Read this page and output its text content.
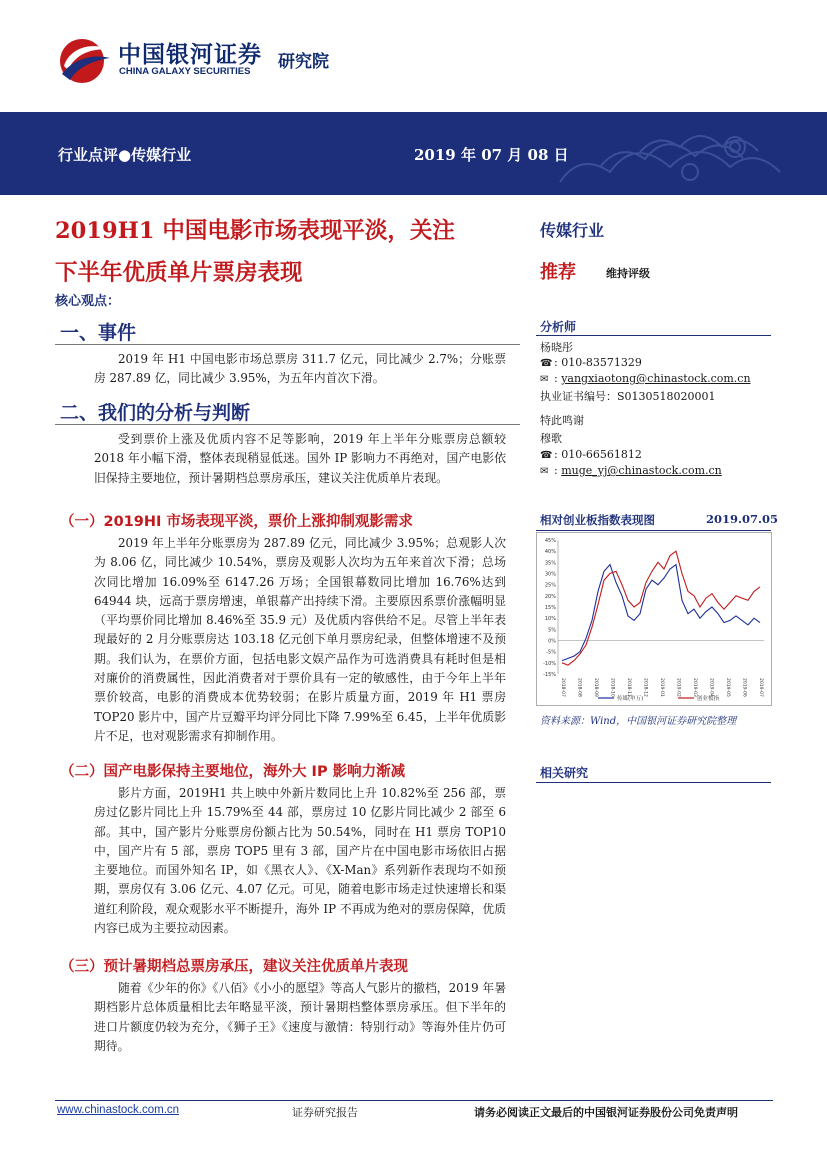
中国银河证券
CHINA GALAXY SECURITIES 研究院
行业点评●传媒行业	2019 年 07 月 08 日
2019H1 中国电影市场表现平淡，关注
下半年优质单片票房表现
核心观点：
一、事件
2019 年 H1 中国电影市场总票房 311.7 亿元，同比减少 2.7%；分账票房 287.89 亿，同比减少 3.95%，为五年内首次下滑。
二、我们的分析与判断
受到票价上涨及优质内容不足等影响，2019 年上半年分账票房总额较 2018 年小幅下滑，整体表现稍显低迷。国外 IP 影响力不再绝对，国产电影依旧保持主要地位，预计暑期档总票房承压，建议关注优质单片表现。
（一）2019HI 市场表现平淡，票价上涨抑制观影需求
2019 年上半年分账票房为 287.89 亿元，同比减少 3.95%；总观影人次为 8.06 亿，同比减少 10.54%，票房及观影人次均为五年来首次下滑；总场次同比增加 16.09%至 6147.26 万场；全国银幕数同比增加 16.76%达到 64944 块，远高于票房增速，单银幕产出持续下滑。主要原因系票价涨幅明显（平均票价同比增加 8.46%至 35.9 元）及优质内容供给不足。尽管上半年表现最好的 2 月分账票房达 103.18 亿元创下单月票房纪录，但整体增速不及预期。我们认为，在票价方面，包括电影文娱产品作为可选消费具有耗时但是相对廉价的消费属性，因此消费者对于票价具有一定的敏感性，由于今年上半年票价较高，电影的消费成本优势较弱；在影片质量方面，2019 年 H1 票房 TOP20 影片中，国产片豆瓣平均评分同比下降 7.99%至 6.45，上半年优质影片不足，也对观影需求有抑制作用。
（二）国产电影保持主要地位，海外大 IP 影响力渐减
影片方面，2019H1 共上映中外新片数同比上升 10.82%至 256 部，票房过亿影片同比上升 15.79%至 44 部，票房过 10 亿影片同比减少 2 部至 6 部。其中，国产影片分账票房份额占比为 50.54%，同时在 H1 票房 TOP10 中，国产片有 5 部，票房 TOP5 里有 3 部，国产片在中国电影市场依旧占据主要地位。而国外知名 IP，如《黑衣人》、《X-Man》系列新作表现均不如预期，票房仅有 3.06 亿元、4.07 亿元。可见，随着电影市场走过快速增长和渠道红利阶段，观众观影水平不断提升，海外 IP 不再成为绝对的票房保障，优质内容已成为主要拉动因素。
（三）预计暑期档总票房承压，建议关注优质单片表现
随着《少年的你》《八佰》《小小的愿望》等高人气影片的撤档，2019 年暑期档影片总体质量相比去年略显平淡，预计暑期档整体票房承压。但下半年的进口片额度仍较为充分，《狮子王》《速度与激情：特别行动》等海外佳片仍可期待。
传媒行业
推荐	维持评级
分析师
杨晓彤
☎ : 010-83571329
✉ : yangxiaotong@chinastock.com.cn
执业证书编号：S0130518020001
特此鸣谢
穆歌
☎ : 010-66561812
✉ : muge_yj@chinastock.com.cn
相对创业板指数表现图	2019.07.05
45%
40%
35%
30%
25%
20%
15%
10%
5%
0%
-5%
-10%
-15%
2018-07	2018-08	2018-09	2018-10	2018-11	2018-12	2019-01	2019-02	2019-03	2019-04	2019-05	2019-06	2019-07
传媒(申万)	创业板指
资料来源：Wind，中国银河证券研究院整理
相关研究
www.chinastock.com.cn	证券研究报告	请务必阅读正文最后的中国银河证券股份公司免责声明
